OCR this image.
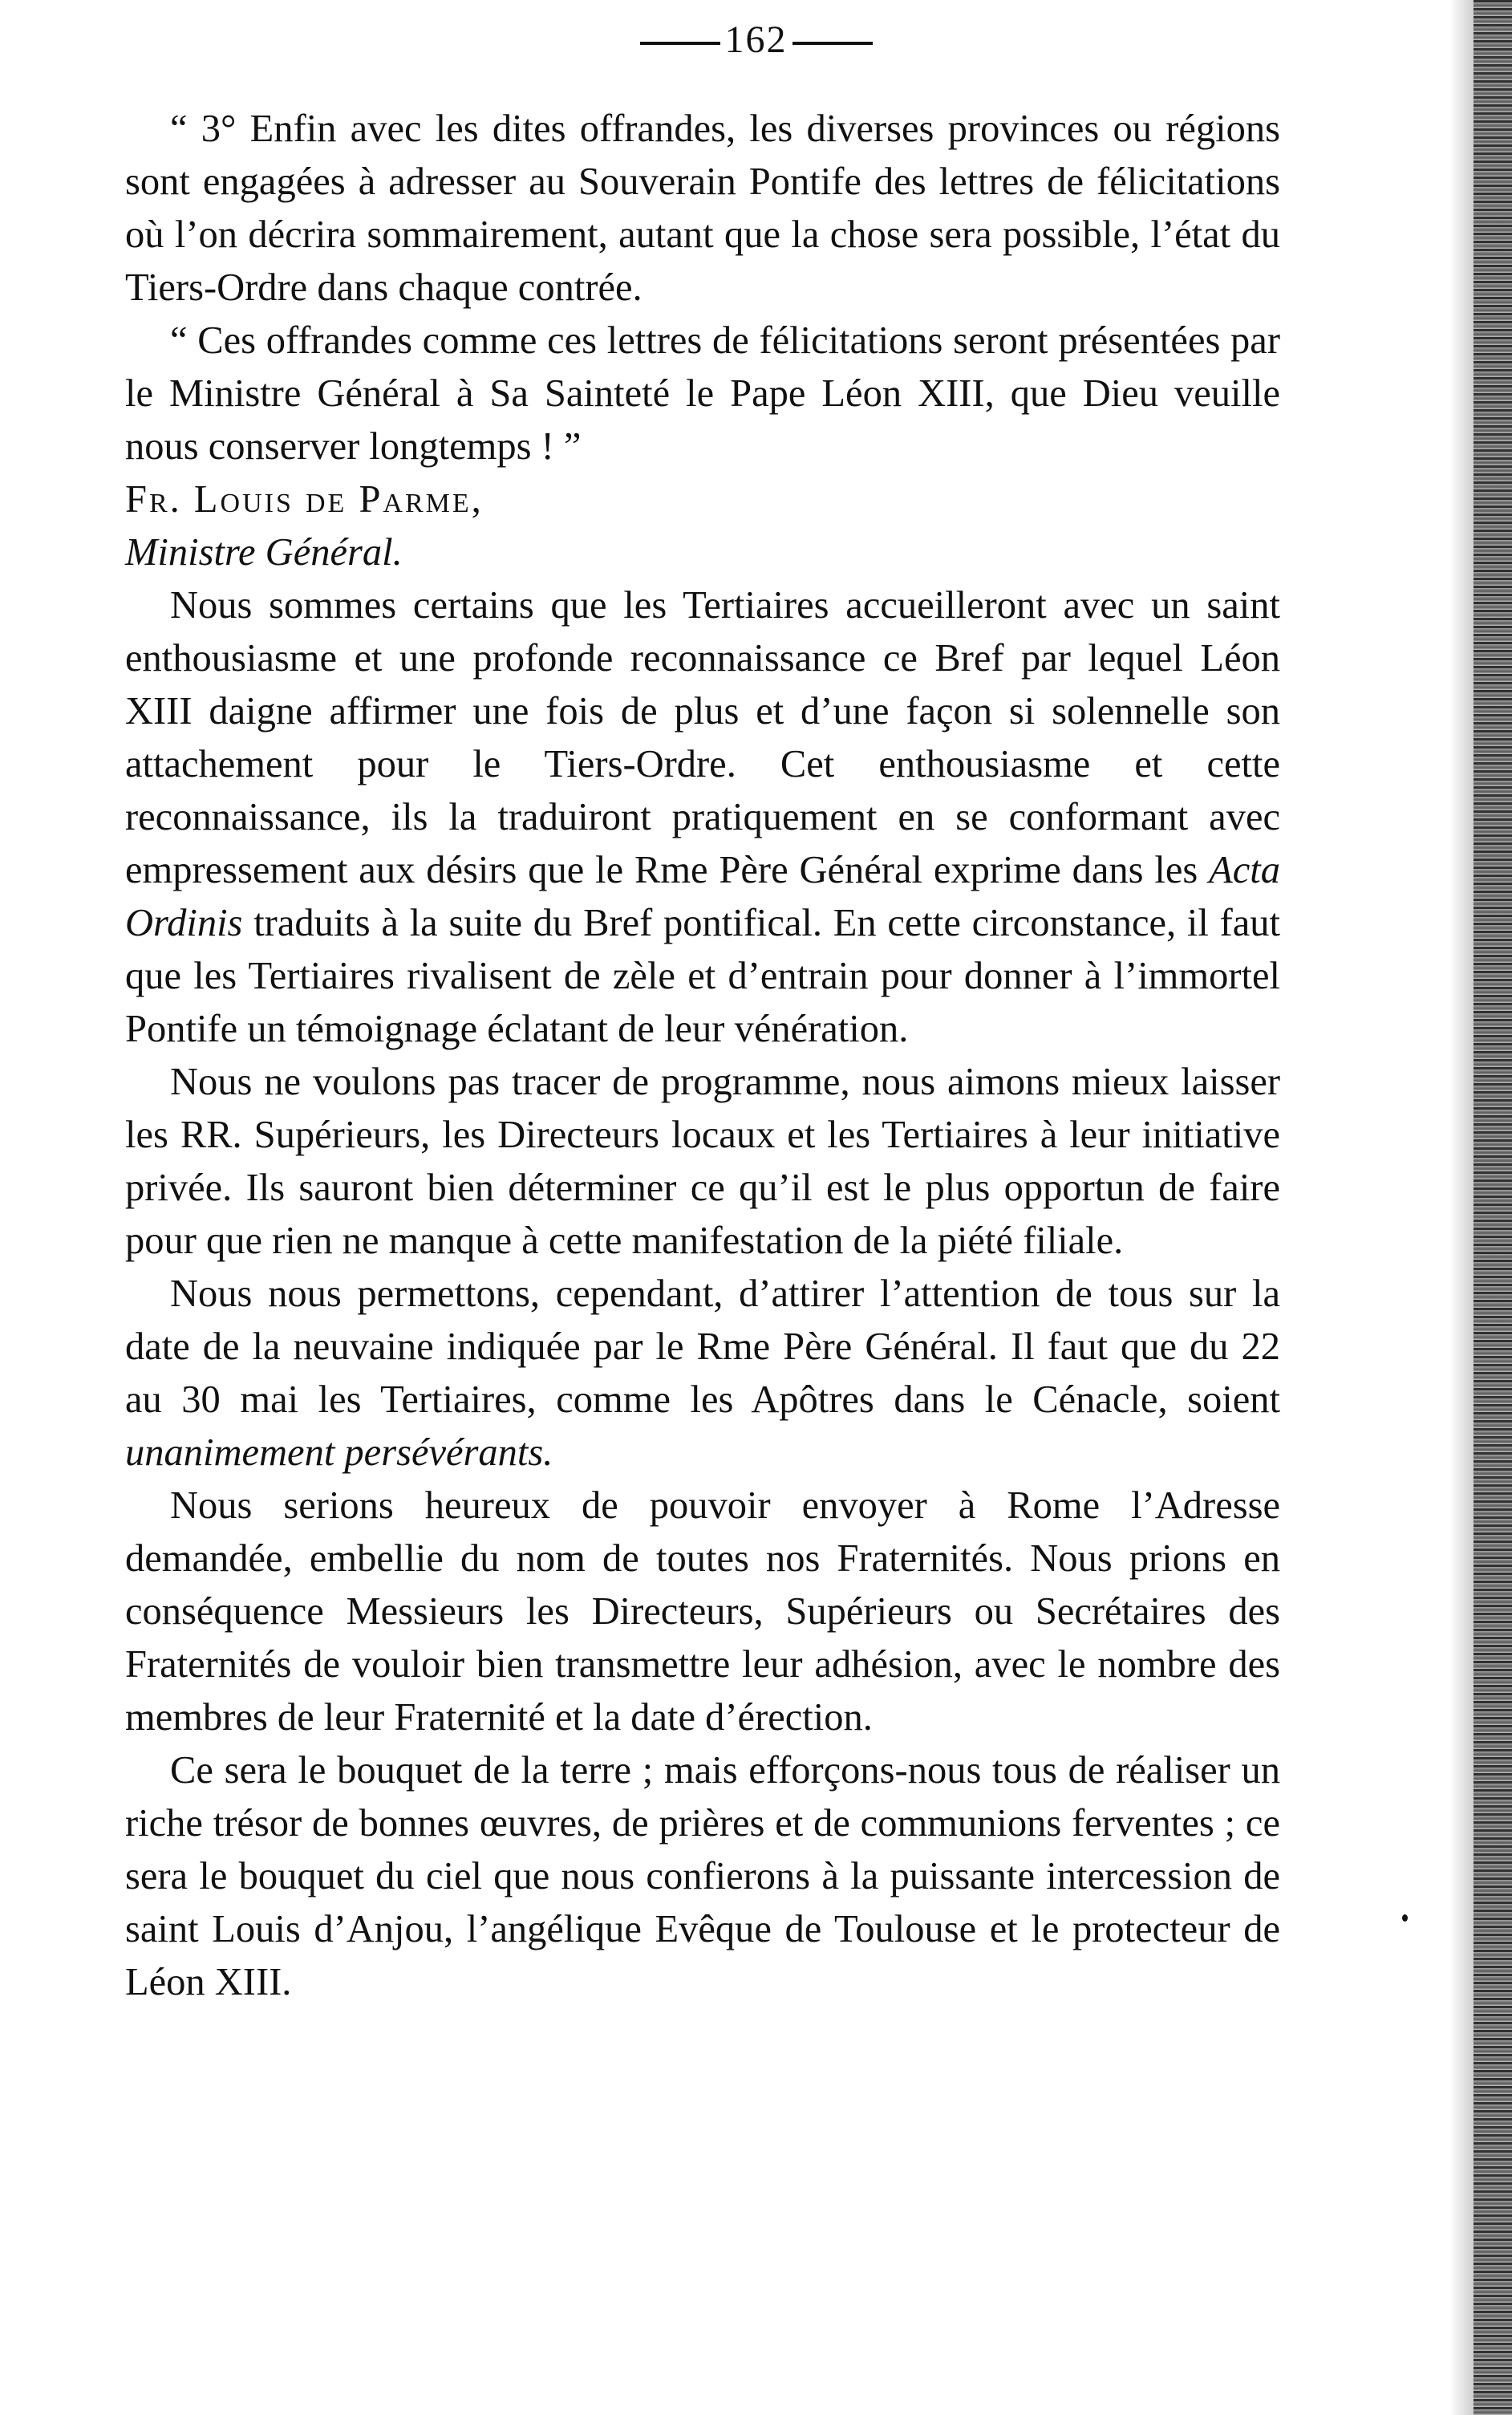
162

“ 3° Enfin avec les dites offrandes, les diverses provinces ou régions sont engagées à adresser au Souverain Pontife des lettres de félicitations où l’on décrira sommairement, autant que la chose sera possible, l’état du Tiers-Ordre dans chaque contrée.

“ Ces offrandes comme ces lettres de félicitations seront présentées par le Ministre Général à Sa Sainteté le Pape Léon XIII, que Dieu veuille nous conserver longtemps ! ”

Fr. Louis de Parme,

Ministre Général.

Nous sommes certains que les Tertiaires accueilleront avec un saint enthousiasme et une profonde reconnaissance ce Bref par lequel Léon XIII daigne affirmer une fois de plus et d’une façon si solennelle son attachement pour le Tiers-Ordre. Cet enthousiasme et cette reconnaissance, ils la traduiront pratiquement en se conformant avec empressement aux désirs que le Rme Père Général exprime dans les Acta Ordinis traduits à la suite du Bref pontifical. En cette circonstance, il faut que les Tertiaires rivalisent de zèle et d’entrain pour donner à l’immortel Pontife un témoignage éclatant de leur vénération.

Nous ne voulons pas tracer de programme, nous aimons mieux laisser les RR. Supérieurs, les Directeurs locaux et les Tertiaires à leur initiative privée. Ils sauront bien déterminer ce qu’il est le plus opportun de faire pour que rien ne manque à cette manifestation de la piété filiale.

Nous nous permettons, cependant, d’attirer l’attention de tous sur la date de la neuvaine indiquée par le Rme Père Général. Il faut que du 22 au 30 mai les Tertiaires, comme les Apôtres dans le Cénacle, soient unanimement persévérants.

Nous serions heureux de pouvoir envoyer à Rome l’Adresse demandée, embellie du nom de toutes nos Fraternités. Nous prions en conséquence Messieurs les Directeurs, Supérieurs ou Secrétaires des Fraternités de vouloir bien transmettre leur adhésion, avec le nombre des membres de leur Fraternité et la date d’érection.

Ce sera le bouquet de la terre ; mais efforçons-nous tous de réaliser un riche trésor de bonnes œuvres, de prières et de communions ferventes ; ce sera le bouquet du ciel que nous confierons à la puissante intercession de saint Louis d’Anjou, l’angélique Evêque de Toulouse et le protecteur de Léon XIII.
